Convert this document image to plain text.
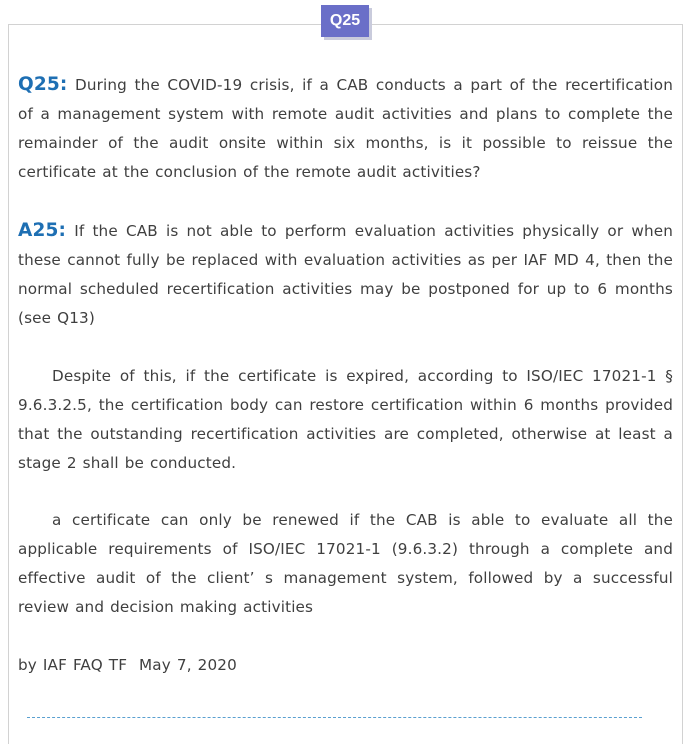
Q25

Q25: During the COVID-19 crisis, if a CAB conducts a part of the recertification of a management system with remote audit activities and plans to complete the remainder of the audit onsite within six months, is it possible to reissue the certificate at the conclusion of the remote audit activities?

A25: If the CAB is not able to perform evaluation activities physically or when these cannot fully be replaced with evaluation activities as per IAF MD 4, then the normal scheduled recertification activities may be postponed for up to 6 months (see Q13)

Despite of this, if the certificate is expired, according to ISO/IEC 17021-1 § 9.6.3.2.5, the certification body can restore certification within 6 months provided that the outstanding recertification activities are completed, otherwise at least a stage 2 shall be conducted.

a certificate can only be renewed if the CAB is able to evaluate all the applicable requirements of ISO/IEC 17021-1 (9.6.3.2) through a complete and effective audit of the client’ s management system, followed by a successful review and decision making activities

by IAF FAQ TF  May 7, 2020
